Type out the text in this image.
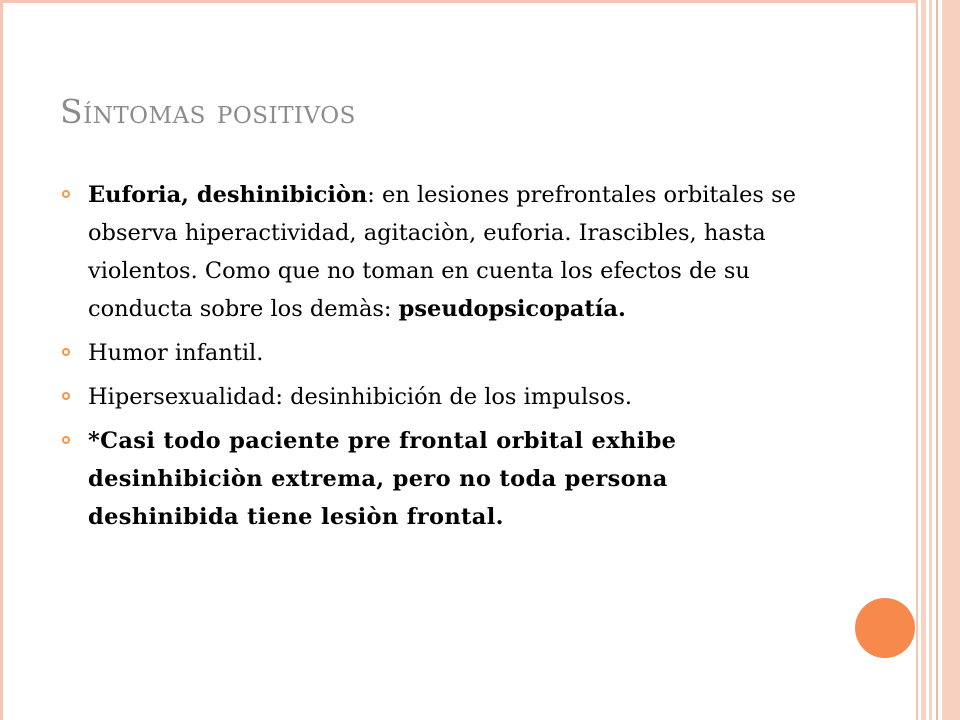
Síntomas positivos
Euforia, deshinibiciòn: en lesiones prefrontales orbitales se observa hiperactividad, agitaciòn, euforia. Irascibles, hasta violentos. Como que no toman en cuenta los efectos de su conducta sobre los demàs: pseudopsicopatía.
Humor infantil.
Hipersexualidad: desinhibición de los impulsos.
*Casi todo paciente pre frontal orbital exhibe desinhibiciòn extrema, pero no toda persona deshinibida tiene lesiòn frontal.
